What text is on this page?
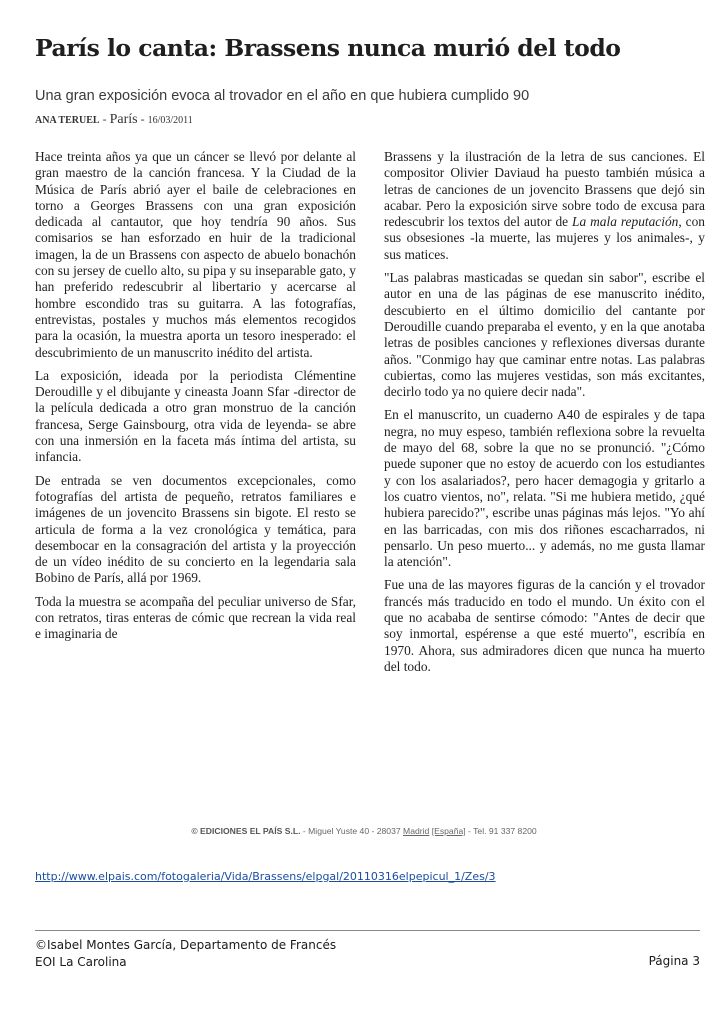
París lo canta: Brassens nunca murió del todo

Una gran exposición evoca al trovador en el año en que hubiera cumplido 90

ANA TERUEL - París - 16/03/2011

Hace treinta años ya que un cáncer se llevó por delante al gran maestro de la canción francesa. Y la Ciudad de la Música de París abrió ayer el baile de celebraciones en torno a Georges Brassens con una gran exposición dedicada al cantautor, que hoy tendría 90 años. Sus comisarios se han esforzado en huir de la tradicional imagen, la de un Brassens con aspecto de abuelo bonachón con su jersey de cuello alto, su pipa y su inseparable gato, y han preferido redescubrir al libertario y acercarse al hombre escondido tras su guitarra. A las fotografías, entrevistas, postales y muchos más elementos recogidos para la ocasión, la muestra aporta un tesoro inesperado: el descubrimiento de un manuscrito inédito del artista.

La exposición, ideada por la periodista Clémentine Deroudille y el dibujante y cineasta Joann Sfar -director de la película dedicada a otro gran monstruo de la canción francesa, Serge Gainsbourg, otra vida de leyenda- se abre con una inmersión en la faceta más íntima del artista, su infancia.

De entrada se ven documentos excepcionales, como fotografías del artista de pequeño, retratos familiares e imágenes de un jovencito Brassens sin bigote. El resto se articula de forma a la vez cronológica y temática, para desembocar en la consagración del artista y la proyección de un vídeo inédito de su concierto en la legendaria sala Bobino de París, allá por 1969.

Toda la muestra se acompaña del peculiar universo de Sfar, con retratos, tiras enteras de cómic que recrean la vida real e imaginaria de

Brassens y la ilustración de la letra de sus canciones. El compositor Olivier Daviaud ha puesto también música a letras de canciones de un jovencito Brassens que dejó sin acabar. Pero la exposición sirve sobre todo de excusa para redescubrir los textos del autor de La mala reputación, con sus obsesiones -la muerte, las mujeres y los animales-, y sus matices.

"Las palabras masticadas se quedan sin sabor", escribe el autor en una de las páginas de ese manuscrito inédito, descubierto en el último domicilio del cantante por Deroudille cuando preparaba el evento, y en la que anotaba letras de posibles canciones y reflexiones diversas durante años. "Conmigo hay que caminar entre notas. Las palabras cubiertas, como las mujeres vestidas, son más excitantes, decirlo todo ya no quiere decir nada".

En el manuscrito, un cuaderno A40 de espirales y de tapa negra, no muy espeso, también reflexiona sobre la revuelta de mayo del 68, sobre la que no se pronunció. "¿Cómo puede suponer que no estoy de acuerdo con los estudiantes y con los asalariados?, pero hacer demagogia y gritarlo a los cuatro vientos, no", relata. "Si me hubiera metido, ¿qué hubiera parecido?", escribe unas páginas más lejos. "Yo ahí en las barricadas, con mis dos riñones escacharrados, ni pensarlo. Un peso muerto... y además, no me gusta llamar la atención".

Fue una de las mayores figuras de la canción y el trovador francés más traducido en todo el mundo. Un éxito con el que no acababa de sentirse cómodo: "Antes de decir que soy inmortal, espérense a que esté muerto", escribía en 1970. Ahora, sus admiradores dicen que nunca ha muerto del todo.

© EDICIONES EL PAÍS S.L. - Miguel Yuste 40 - 28037 Madrid [España] - Tel. 91 337 8200
http://www.elpais.com/fotogaleria/Vida/Brassens/elpgal/20110316elpepicul_1/Zes/3
©Isabel Montes García, Departamento de Francés
EOI La Carolina	Página 3
